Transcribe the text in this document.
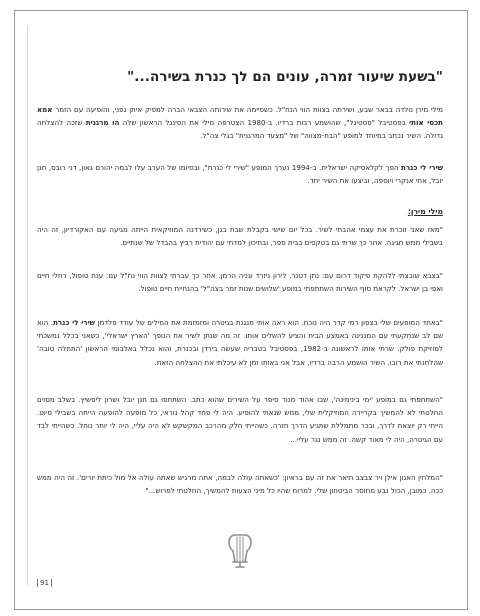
"בשעת שיעור זמרה, עונים הם לך כנרת בשירה..."

מילי מירן נולדה בבאר שבע, ושירתה בצוות הווי הנח"ל. כשסיימה את שירותה הצבאי הברה למפיק איתן גפני, והופיעה עם הזמר אמא תכסי אותי בפסטיבל "פסטיגל", שהושמע רבות ברדיו. ב-1980 הצטרפה מילי את הסינגל הראשון שלה הו מרגנית שזכה להצלחה גדולה. השיר נכתב במיוחד למופע "הבת-מצווה" של "מצעד המרגנית" בגלי צה"ל.

שירי לי כנרת הפך לקלאסיקה ישראלית. ב-1994 נערך המופע "שירי לי כנרת", ובסיומו של הערב עלו לבמה יהורם גאון, דני רובס, חנן יובל, אתי אנקרי ויוספה, וביצעו את השיר יחד.

מילי מירן:

"מאז שאני זוכרת את עצמי אהבתי לשיר. בכל יום שישי בקבלת שבת בגן, כשירדנה המוזיקאית הייתה מגיעה עם האקורדיון, זה היה בשבילי ממש חגיגה. אחר כך שרתי גם בטקסים בבית ספר, ובתיכון למדתי עם יהודית רביץ בהבדל של שנתיים.

"בצבא שובצתי ללהקת פיקוד דרום עם: נתן דטנר, לירון ניזרד וגניה הרמן. אחר כך עברתי לצוות הווי נח"ל עם: ענת טופול, רחלי חיים ואפי בן ישראל. לקראת סוף השירות השתתפתי במופע 'שלושים שנות זמר בצה"ל' בהנחיית חיים טופול.

"באחד המופעים שלי בצפון רמי קדר היה נוכח. הוא ראה אותי מנגנת בגיטרה ומזמזמת את המילים של עודד פלדמן שירי לי כנרת. הוא שם לב שנתקעתי עם המנגינה באמצע הבית והציע להשלים אותו. זה מה שנתן לשיר את הנופך 'הארץ ישראלי', כשאני בכלל נמשכתי למוזיקת פולק. שרתי אותו לראשונה ב-1982, בפסטיבל בטבריה שעשה בירדן ובכנרת, והוא נכלל באלבומי הראשון 'התחלה טובה' שהלחנתי את רובו. השיר הושמע הרבה ברדיו, אבל אני באותו זמן לא עיכלתי את ההצלחה הזאת.

"השתתפתי גם במופע 'ימי בינימינה', שבו אהוד מנור סיפר על השירים שהוא כתב. השתתפו גם חנן יובל ושרון ליפשיץ. בשלב מסוים החלטתי לא להמשיך בקריירה המוזיקלית שלי, ממש שנאתי להופיע. היה לי פחד קהל נוראי, כל מופעה להופעה הייתה בשבילי סיוט. הייתי רק יוצאת לדרך, ובכר מתמללת שתגיע הדרך חזרה. כשהייתי חלק מהרכב המקשקש לא היה עליי, היה לי יותר נוחל. כשהייתי לבד עם הגיטרה, היה לי מאוד קשה. זה ממש נגר עליי...

"המלחין האגון אילן ויר צבצב תיאר את זה עם בראיון: 'כשאתה עולה לבמה, אתה מרגיש שאתה עולה אל מול כיתת יורים'. זה היה ממש ככה. כמובן, הכול נבע מחוסר הביטחון שלי. למרות שהיו כל מיני הצעות להמשיך, החלטתי לפרוש..."

91
